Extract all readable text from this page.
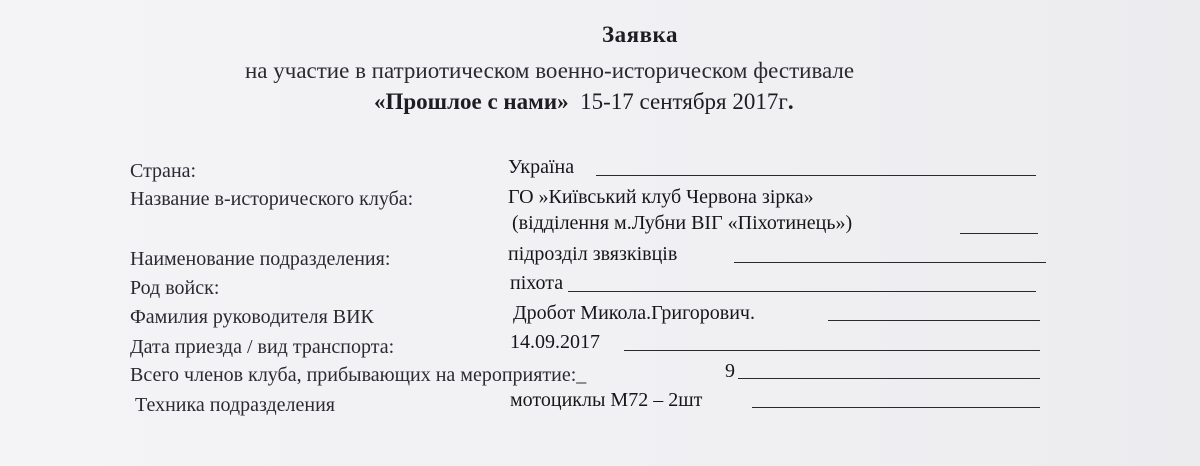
Заявка
на участие в патриотическом военно-историческом фестивале
«Прошлое с нами» 15-17 сентября 2017г.
Страна:	Україна
Название в-исторического клуба:	ГО »Київський клуб Червона зірка»
(відділення м.Лубни ВІГ «Піхотинець»)
Наименование подразделения:	підрозділ звязківців
Род войск:	піхота
Фамилия руководителя ВИК	Дробот Микола.Григорович.
Дата приезда / вид транспорта:	14.09.2017
Всего членов клуба, прибывающих на мероприятие:_	9
Техника подразделения	мотоциклы М72 – 2шт
